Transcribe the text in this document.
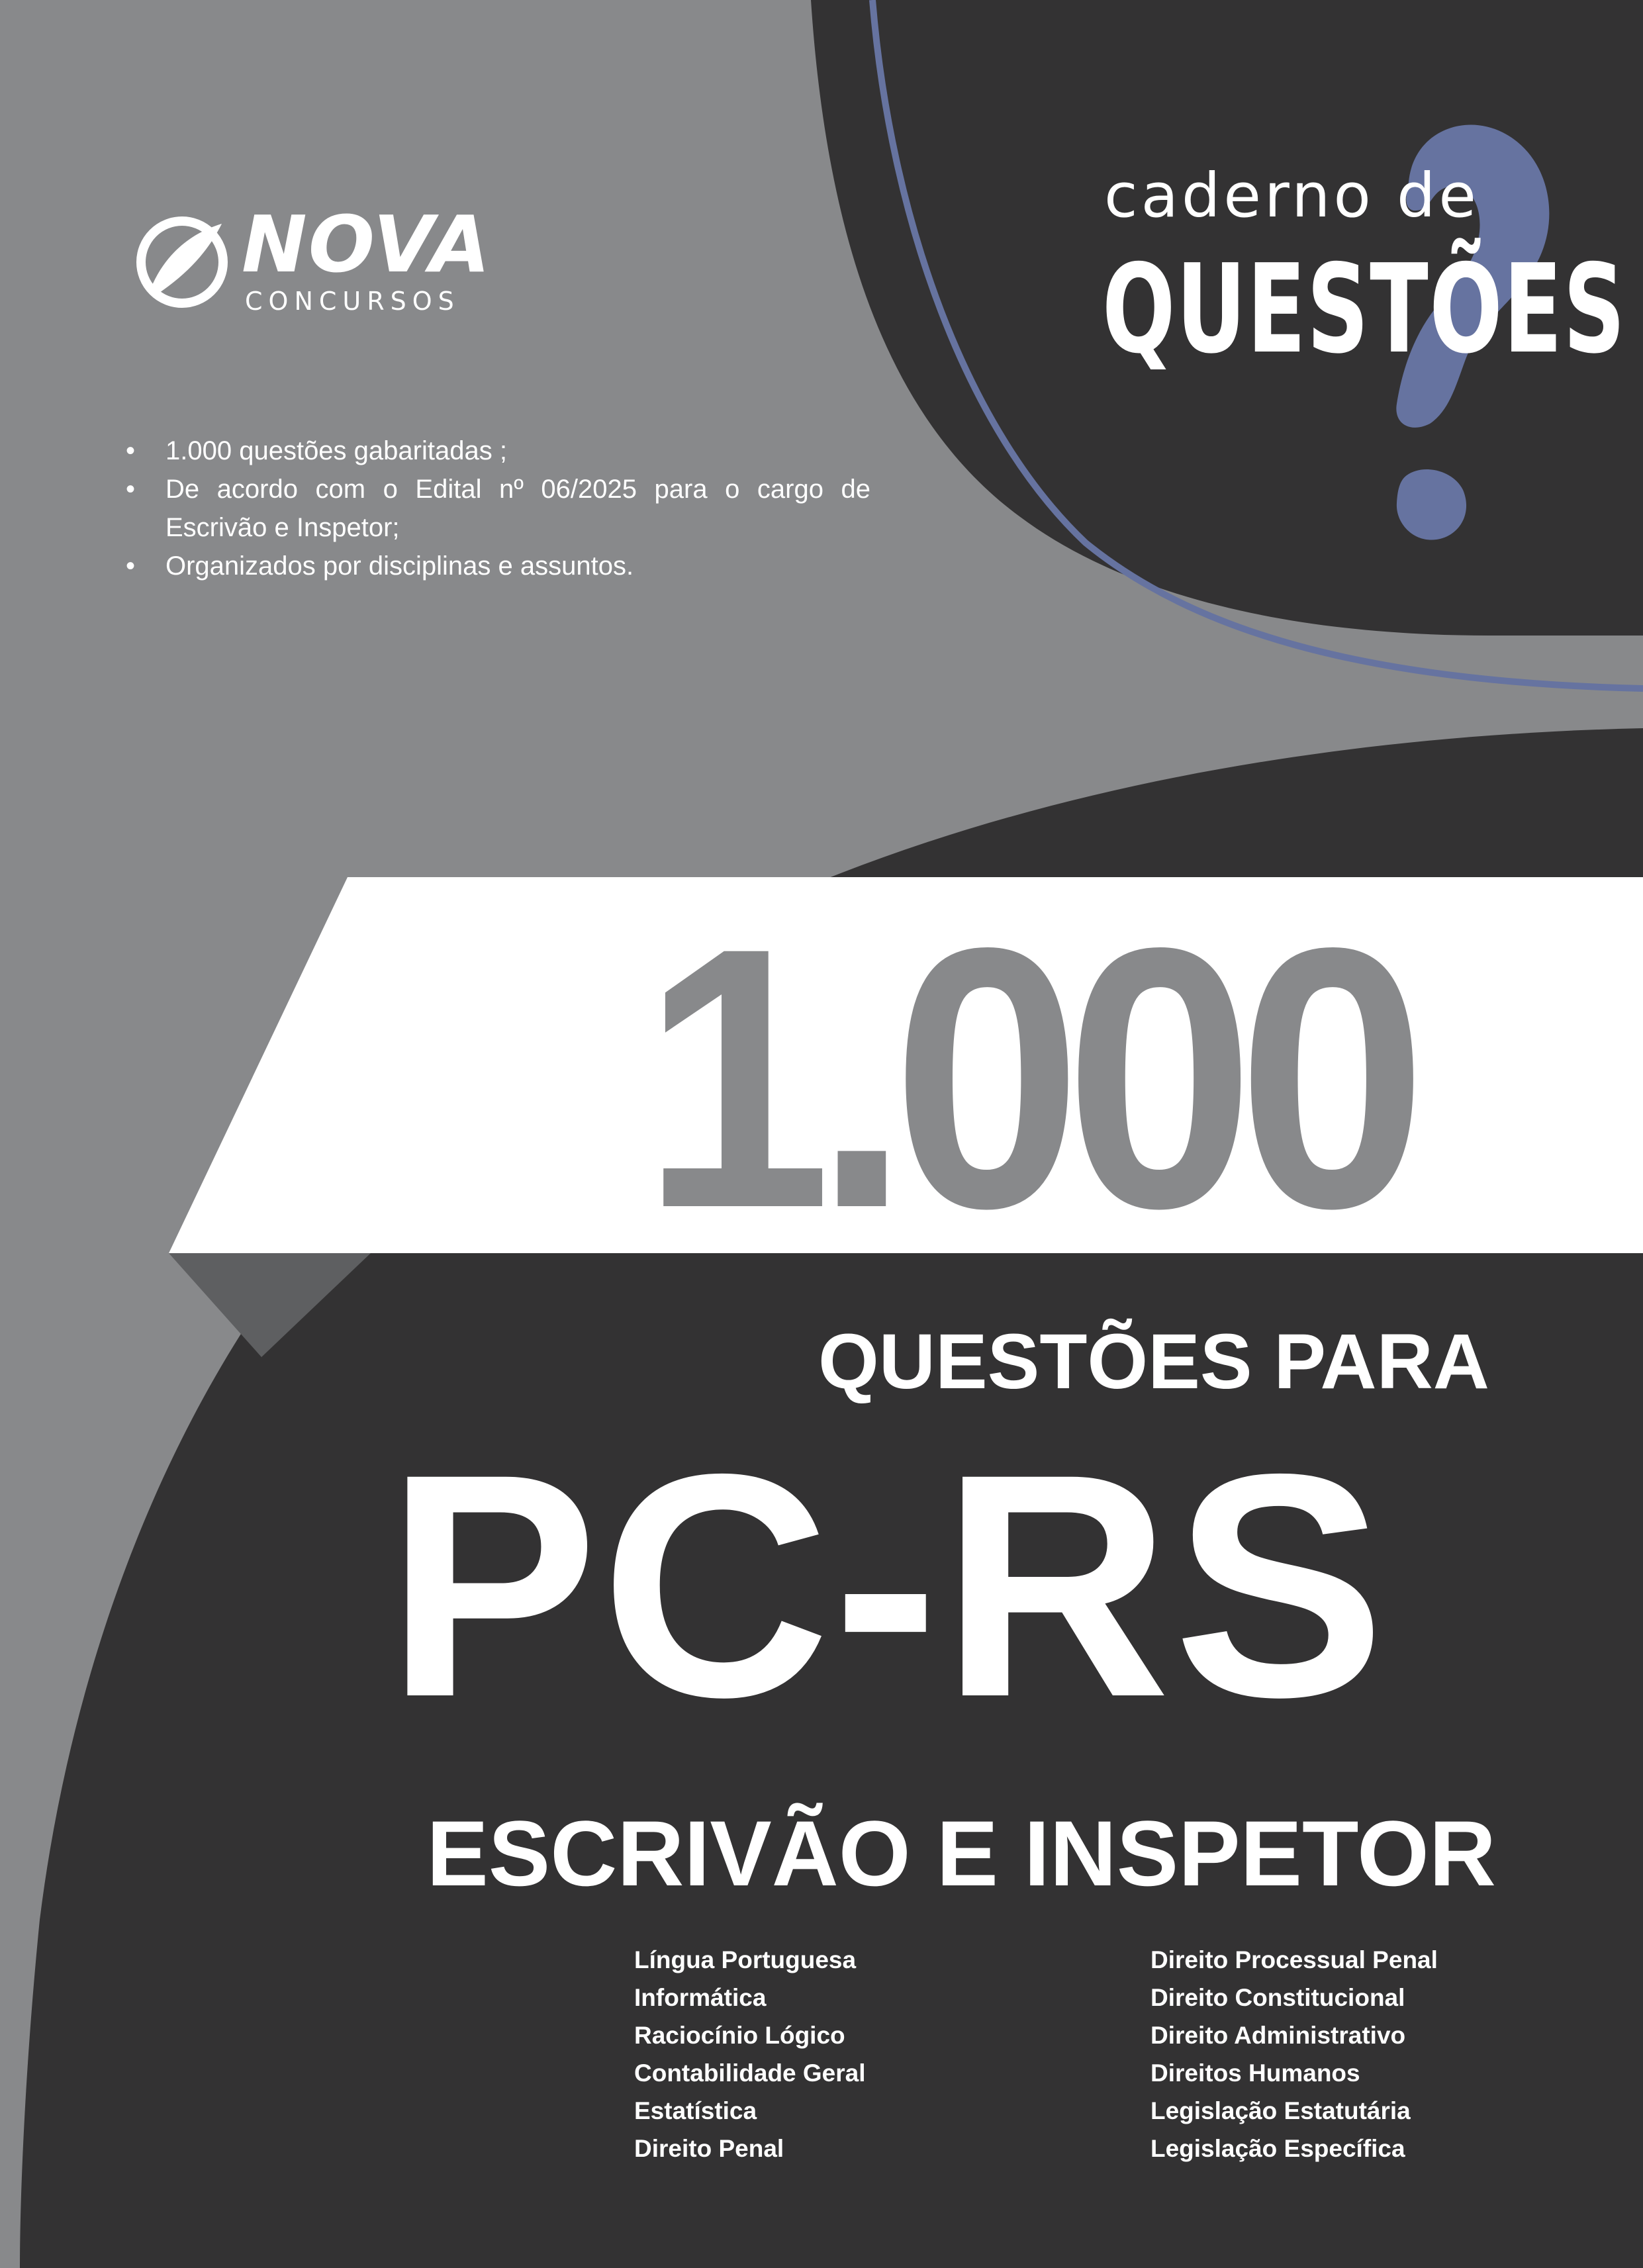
NOVA
CONCURSOS
caderno de
QUESTÕES
• 1.000 questões gabaritadas ;
• De acordo com o Edital nº 06/2025 para o cargo de Escrivão e Inspetor;
• Organizados por disciplinas e assuntos.
1.000
QUESTÕES PARA
PC-RS
ESCRIVÃO E INSPETOR
Língua Portuguesa
Informática
Raciocínio Lógico
Contabilidade Geral
Estatística
Direito Penal
Direito Processual Penal
Direito Constitucional
Direito Administrativo
Direitos Humanos
Legislação Estatutária
Legislação Específica
